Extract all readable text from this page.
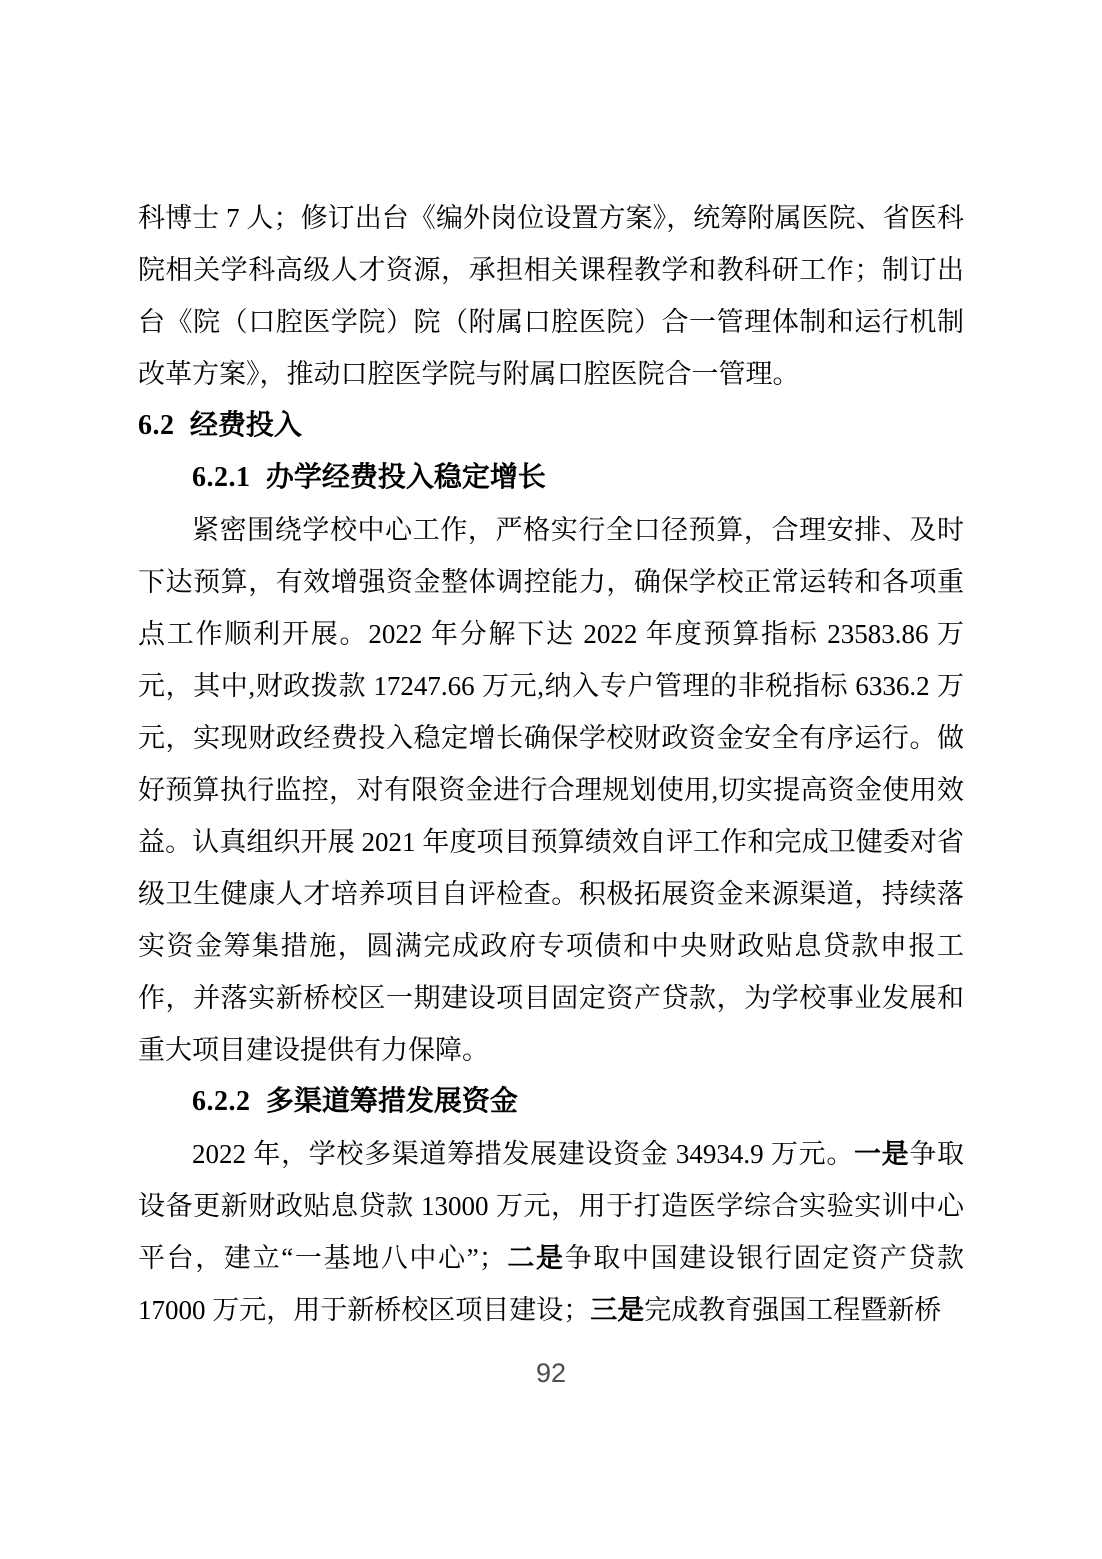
科博士 7 人；修订出台《编外岗位设置方案》，统筹附属医院、省医科院相关学科高级人才资源，承担相关课程教学和教科研工作；制订出台《院（口腔医学院）院（附属口腔医院）合一管理体制和运行机制改革方案》，推动口腔医学院与附属口腔医院合一管理。

6.2 经费投入
6.2.1 办学经费投入稳定增长

紧密围绕学校中心工作，严格实行全口径预算，合理安排、及时下达预算，有效增强资金整体调控能力，确保学校正常运转和各项重点工作顺利开展。2022 年分解下达 2022 年度预算指标 23583.86 万元，其中,财政拨款 17247.66 万元,纳入专户管理的非税指标 6336.2 万元，实现财政经费投入稳定增长确保学校财政资金安全有序运行。做好预算执行监控，对有限资金进行合理规划使用,切实提高资金使用效益。认真组织开展 2021 年度项目预算绩效自评工作和完成卫健委对省级卫生健康人才培养项目自评检查。积极拓展资金来源渠道，持续落实资金筹集措施，圆满完成政府专项债和中央财政贴息贷款申报工作，并落实新桥校区一期建设项目固定资产贷款，为学校事业发展和重大项目建设提供有力保障。

6.2.2 多渠道筹措发展资金

2022 年，学校多渠道筹措发展建设资金 34934.9 万元。一是争取设备更新财政贴息贷款 13000 万元，用于打造医学综合实验实训中心平台，建立“一基地八中心”；二是争取中国建设银行固定资产贷款 17000 万元，用于新桥校区项目建设；三是完成教育强国工程暨新桥

92
